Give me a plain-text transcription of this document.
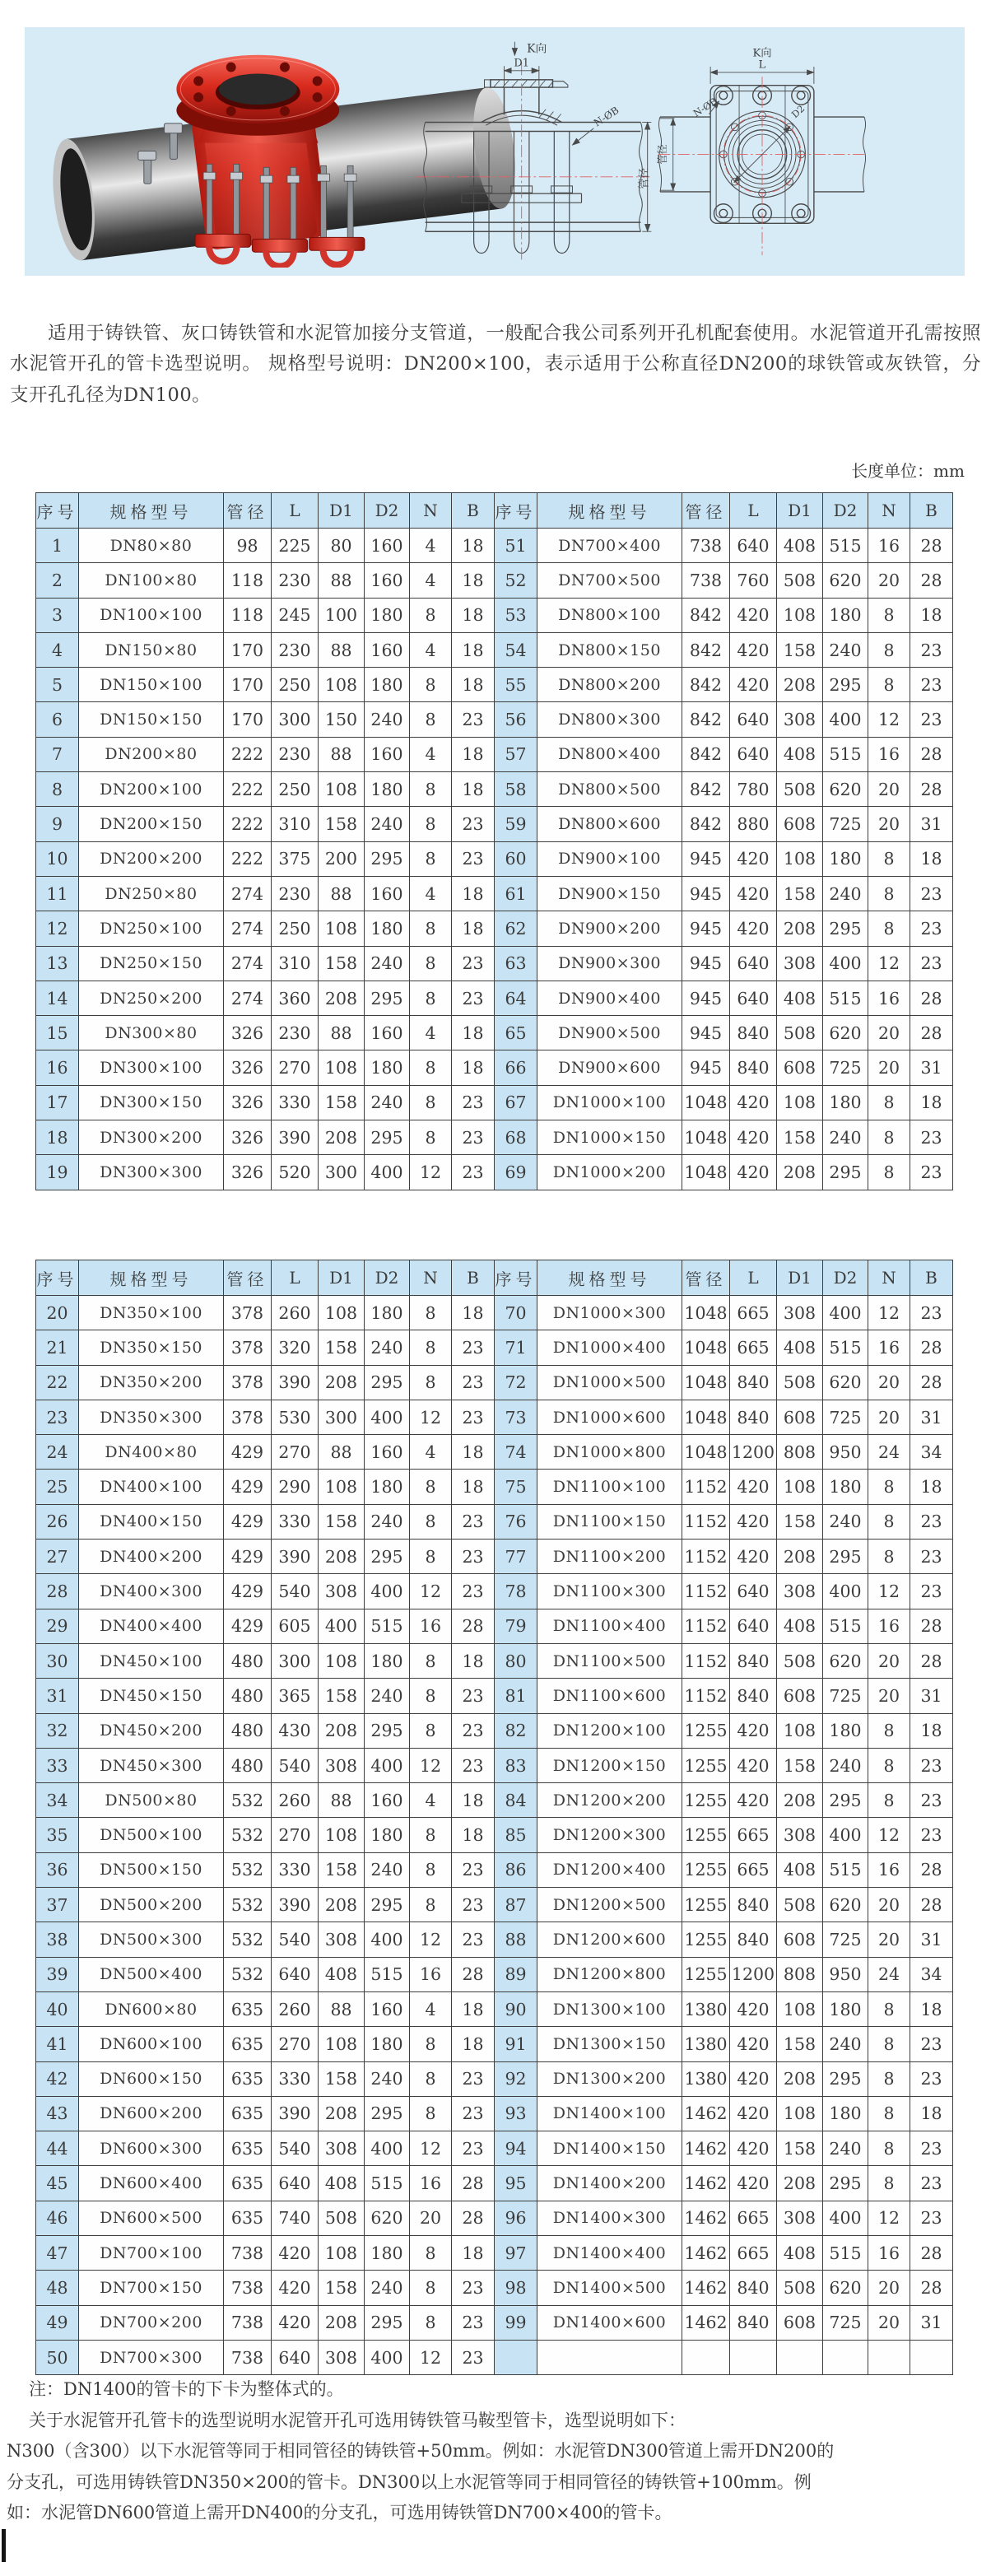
K向
D1
N-ØB
管径
K向
L
N-ØB	D2
管径

适用于铸铁管、灰口铸铁管和水泥管加接分支管道，一般配合我公司系列开孔机配套使用。水泥管道开孔需按照水泥管开孔的管卡选型说明。 规格型号说明：DN200×100，表示适用于公称直径DN200的球铁管或灰铁管，分支开孔孔径为DN100。

长度单位：mm
序号	规格型号	管径	L	D1	D2	N	B	序号	规格型号	管径	L	D1	D2	N	B
1	DN80×80	98	225	80	160	4	18	51	DN700×400	738	640	408	515	16	28
2	DN100×80	118	230	88	160	4	18	52	DN700×500	738	760	508	620	20	28
3	DN100×100	118	245	100	180	8	18	53	DN800×100	842	420	108	180	8	18
4	DN150×80	170	230	88	160	4	18	54	DN800×150	842	420	158	240	8	23
5	DN150×100	170	250	108	180	8	18	55	DN800×200	842	420	208	295	8	23
6	DN150×150	170	300	150	240	8	23	56	DN800×300	842	640	308	400	12	23
7	DN200×80	222	230	88	160	4	18	57	DN800×400	842	640	408	515	16	28
8	DN200×100	222	250	108	180	8	18	58	DN800×500	842	780	508	620	20	28
9	DN200×150	222	310	158	240	8	23	59	DN800×600	842	880	608	725	20	31
10	DN200×200	222	375	200	295	8	23	60	DN900×100	945	420	108	180	8	18
11	DN250×80	274	230	88	160	4	18	61	DN900×150	945	420	158	240	8	23
12	DN250×100	274	250	108	180	8	18	62	DN900×200	945	420	208	295	8	23
13	DN250×150	274	310	158	240	8	23	63	DN900×300	945	640	308	400	12	23
14	DN250×200	274	360	208	295	8	23	64	DN900×400	945	640	408	515	16	28
15	DN300×80	326	230	88	160	4	18	65	DN900×500	945	840	508	620	20	28
16	DN300×100	326	270	108	180	8	18	66	DN900×600	945	840	608	725	20	31
17	DN300×150	326	330	158	240	8	23	67	DN1000×100	1048	420	108	180	8	18
18	DN300×200	326	390	208	295	8	23	68	DN1000×150	1048	420	158	240	8	23
19	DN300×300	326	520	300	400	12	23	69	DN1000×200	1048	420	208	295	8	23
序号	规格型号	管径	L	D1	D2	N	B	序号	规格型号	管径	L	D1	D2	N	B
20	DN350×100	378	260	108	180	8	18	70	DN1000×300	1048	665	308	400	12	23
21	DN350×150	378	320	158	240	8	23	71	DN1000×400	1048	665	408	515	16	28
22	DN350×200	378	390	208	295	8	23	72	DN1000×500	1048	840	508	620	20	28
23	DN350×300	378	530	300	400	12	23	73	DN1000×600	1048	840	608	725	20	31
24	DN400×80	429	270	88	160	4	18	74	DN1000×800	1048	1200	808	950	24	34
25	DN400×100	429	290	108	180	8	18	75	DN1100×100	1152	420	108	180	8	18
26	DN400×150	429	330	158	240	8	23	76	DN1100×150	1152	420	158	240	8	23
27	DN400×200	429	390	208	295	8	23	77	DN1100×200	1152	420	208	295	8	23
28	DN400×300	429	540	308	400	12	23	78	DN1100×300	1152	640	308	400	12	23
29	DN400×400	429	605	400	515	16	28	79	DN1100×400	1152	640	408	515	16	28
30	DN450×100	480	300	108	180	8	18	80	DN1100×500	1152	840	508	620	20	28
31	DN450×150	480	365	158	240	8	23	81	DN1100×600	1152	840	608	725	20	31
32	DN450×200	480	430	208	295	8	23	82	DN1200×100	1255	420	108	180	8	18
33	DN450×300	480	540	308	400	12	23	83	DN1200×150	1255	420	158	240	8	23
34	DN500×80	532	260	88	160	4	18	84	DN1200×200	1255	420	208	295	8	23
35	DN500×100	532	270	108	180	8	18	85	DN1200×300	1255	665	308	400	12	23
36	DN500×150	532	330	158	240	8	23	86	DN1200×400	1255	665	408	515	16	28
37	DN500×200	532	390	208	295	8	23	87	DN1200×500	1255	840	508	620	20	28
38	DN500×300	532	540	308	400	12	23	88	DN1200×600	1255	840	608	725	20	31
39	DN500×400	532	640	408	515	16	28	89	DN1200×800	1255	1200	808	950	24	34
40	DN600×80	635	260	88	160	4	18	90	DN1300×100	1380	420	108	180	8	18
41	DN600×100	635	270	108	180	8	18	91	DN1300×150	1380	420	158	240	8	23
42	DN600×150	635	330	158	240	8	23	92	DN1300×200	1380	420	208	295	8	23
43	DN600×200	635	390	208	295	8	23	93	DN1400×100	1462	420	108	180	8	18
44	DN600×300	635	540	308	400	12	23	94	DN1400×150	1462	420	158	240	8	23
45	DN600×400	635	640	408	515	16	28	95	DN1400×200	1462	420	208	295	8	23
46	DN600×500	635	740	508	620	20	28	96	DN1400×300	1462	665	308	400	12	23
47	DN700×100	738	420	108	180	8	18	97	DN1400×400	1462	665	408	515	16	28
48	DN700×150	738	420	158	240	8	23	98	DN1400×500	1462	840	508	620	20	28
49	DN700×200	738	420	208	295	8	23	99	DN1400×600	1462	840	608	725	20	31
50	DN700×300	738	640	308	400	12	23								
注：DN1400的管卡的下卡为整体式的。
关于水泥管开孔管卡的选型说明水泥管开孔可选用铸铁管马鞍型管卡，选型说明如下：
N300（含300）以下水泥管等同于相同管径的铸铁管+50mm。例如：水泥管DN300管道上需开DN200的
分支孔，可选用铸铁管DN350×200的管卡。DN300以上水泥管等同于相同管径的铸铁管+100mm。例
如：水泥管DN600管道上需开DN400的分支孔，可选用铸铁管DN700×400的管卡。
